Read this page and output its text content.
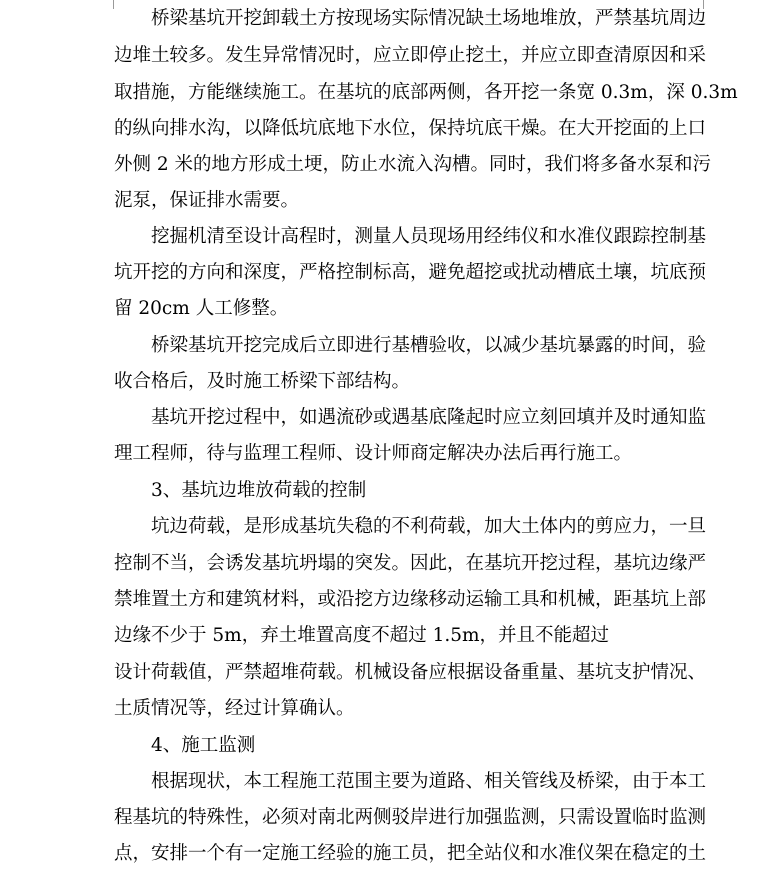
桥梁基坑开挖卸载土方按现场实际情况缺土场地堆放，严禁基坑周边
边堆土较多。发生异常情况时，应立即停止挖土，并应立即查清原因和采
取措施，方能继续施工。在基坑的底部两侧，各开挖一条宽 0.3m，深 0.3m
的纵向排水沟，以降低坑底地下水位，保持坑底干燥。在大开挖面的上口
外侧 2 米的地方形成土埂，防止水流入沟槽。同时，我们将多备水泵和污
泥泵，保证排水需要。
挖掘机清至设计高程时，测量人员现场用经纬仪和水准仪跟踪控制基
坑开挖的方向和深度，严格控制标高，避免超挖或扰动槽底土壤，坑底预
留 20cm 人工修整。
桥梁基坑开挖完成后立即进行基槽验收，以减少基坑暴露的时间，验
收合格后，及时施工桥梁下部结构。
基坑开挖过程中，如遇流砂或遇基底隆起时应立刻回填并及时通知监
理工程师，待与监理工程师、设计师商定解决办法后再行施工。
3、基坑边堆放荷载的控制
坑边荷载，是形成基坑失稳的不利荷载，加大土体内的剪应力，一旦
控制不当，会诱发基坑坍塌的突发。因此，在基坑开挖过程，基坑边缘严
禁堆置土方和建筑材料，或沿挖方边缘移动运输工具和机械，距基坑上部
边缘不少于 5m，弃土堆置高度不超过 1.5m，并且不能超过
设计荷载值，严禁超堆荷载。机械设备应根据设备重量、基坑支护情况、
土质情况等，经过计算确认。
4、施工监测
根据现状，本工程施工范围主要为道路、相关管线及桥梁，由于本工
程基坑的特殊性，必须对南北两侧驳岸进行加强监测，只需设置临时监测
点，安排一个有一定施工经验的施工员，把全站仪和水准仪架在稳定的土
